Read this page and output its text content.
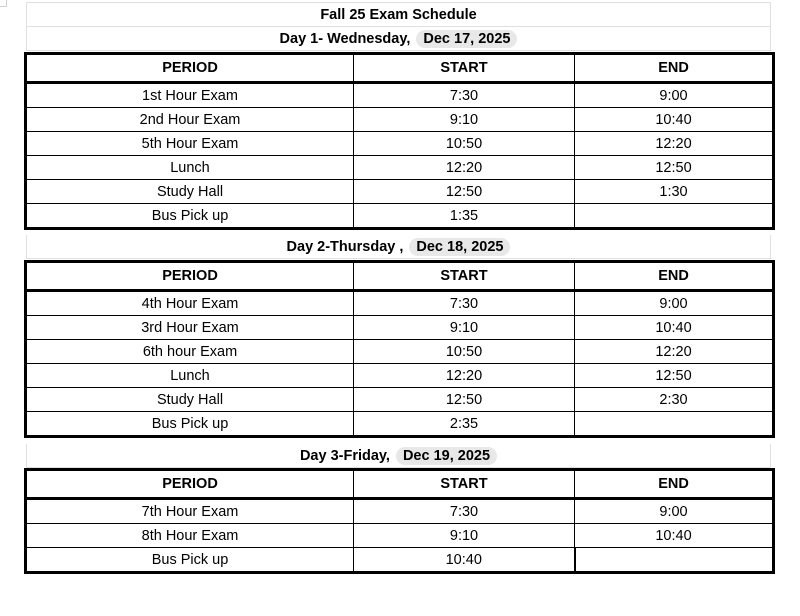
Fall 25 Exam Schedule
Day 1- Wednesday, Dec 17, 2025
PERIOD	START	END
1st Hour Exam	7:30	9:00
2nd Hour Exam	9:10	10:40
5th Hour Exam	10:50	12:20
Lunch	12:20	12:50
Study Hall	12:50	1:30
Bus Pick up	1:35	
Day 2-Thursday , Dec 18, 2025
PERIOD	START	END
4th Hour Exam	7:30	9:00
3rd Hour Exam	9:10	10:40
6th hour Exam	10:50	12:20
Lunch	12:20	12:50
Study Hall	12:50	2:30
Bus Pick up	2:35	
Day 3-Friday, Dec 19, 2025
PERIOD	START	END
7th Hour Exam	7:30	9:00
8th Hour Exam	9:10	10:40
Bus Pick up	10:40	
